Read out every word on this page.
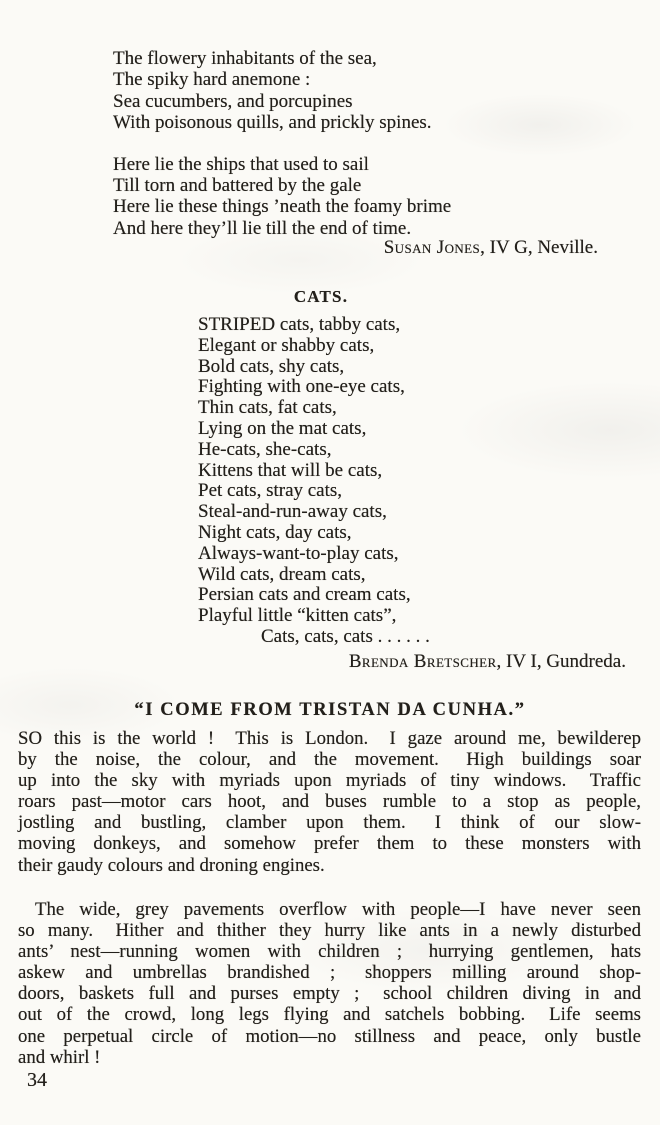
The flowery inhabitants of the sea,
The spiky hard anemone :
Sea cucumbers, and porcupines
With poisonous quills, and prickly spines.
Here lie the ships that used to sail
Till torn and battered by the gale
Here lie these things ’neath the foamy brime
And here they’ll lie till the end of time.
Susan Jones, IV G, Neville.
CATS.
STRIPED cats, tabby cats,
Elegant or shabby cats,
Bold cats, shy cats,
Fighting with one-eye cats,
Thin cats, fat cats,
Lying on the mat cats,
He-cats, she-cats,
Kittens that will be cats,
Pet cats, stray cats,
Steal-and-run-away cats,
Night cats, day cats,
Always-want-to-play cats,
Wild cats, dream cats,
Persian cats and cream cats,
Playful little “kitten cats”,
Cats, cats, cats . . . . . .
Brenda Bretscher, IV I, Gundreda.
“I COME FROM TRISTAN DA CUNHA.”
SO this is the world !  This is London.  I gaze around me, bewilderep
by the noise, the colour, and the movement.  High buildings soar
up into the sky with myriads upon myriads of tiny windows.  Traffic
roars past—motor cars hoot, and buses rumble to a stop as people,
jostling and bustling, clamber upon them.  I think of our slow-
moving donkeys, and somehow prefer them to these monsters with
their gaudy colours and droning engines.
The wide, grey pavements overflow with people—I have never seen
so many.  Hither and thither they hurry like ants in a newly disturbed
ants’ nest—running women with children ;  hurrying gentlemen, hats
askew and umbrellas brandished ;  shoppers milling around shop-
doors, baskets full and purses empty ;  school children diving in and
out of the crowd, long legs flying and satchels bobbing.  Life seems
one perpetual circle of motion—no stillness and peace, only bustle
and whirl !
34
